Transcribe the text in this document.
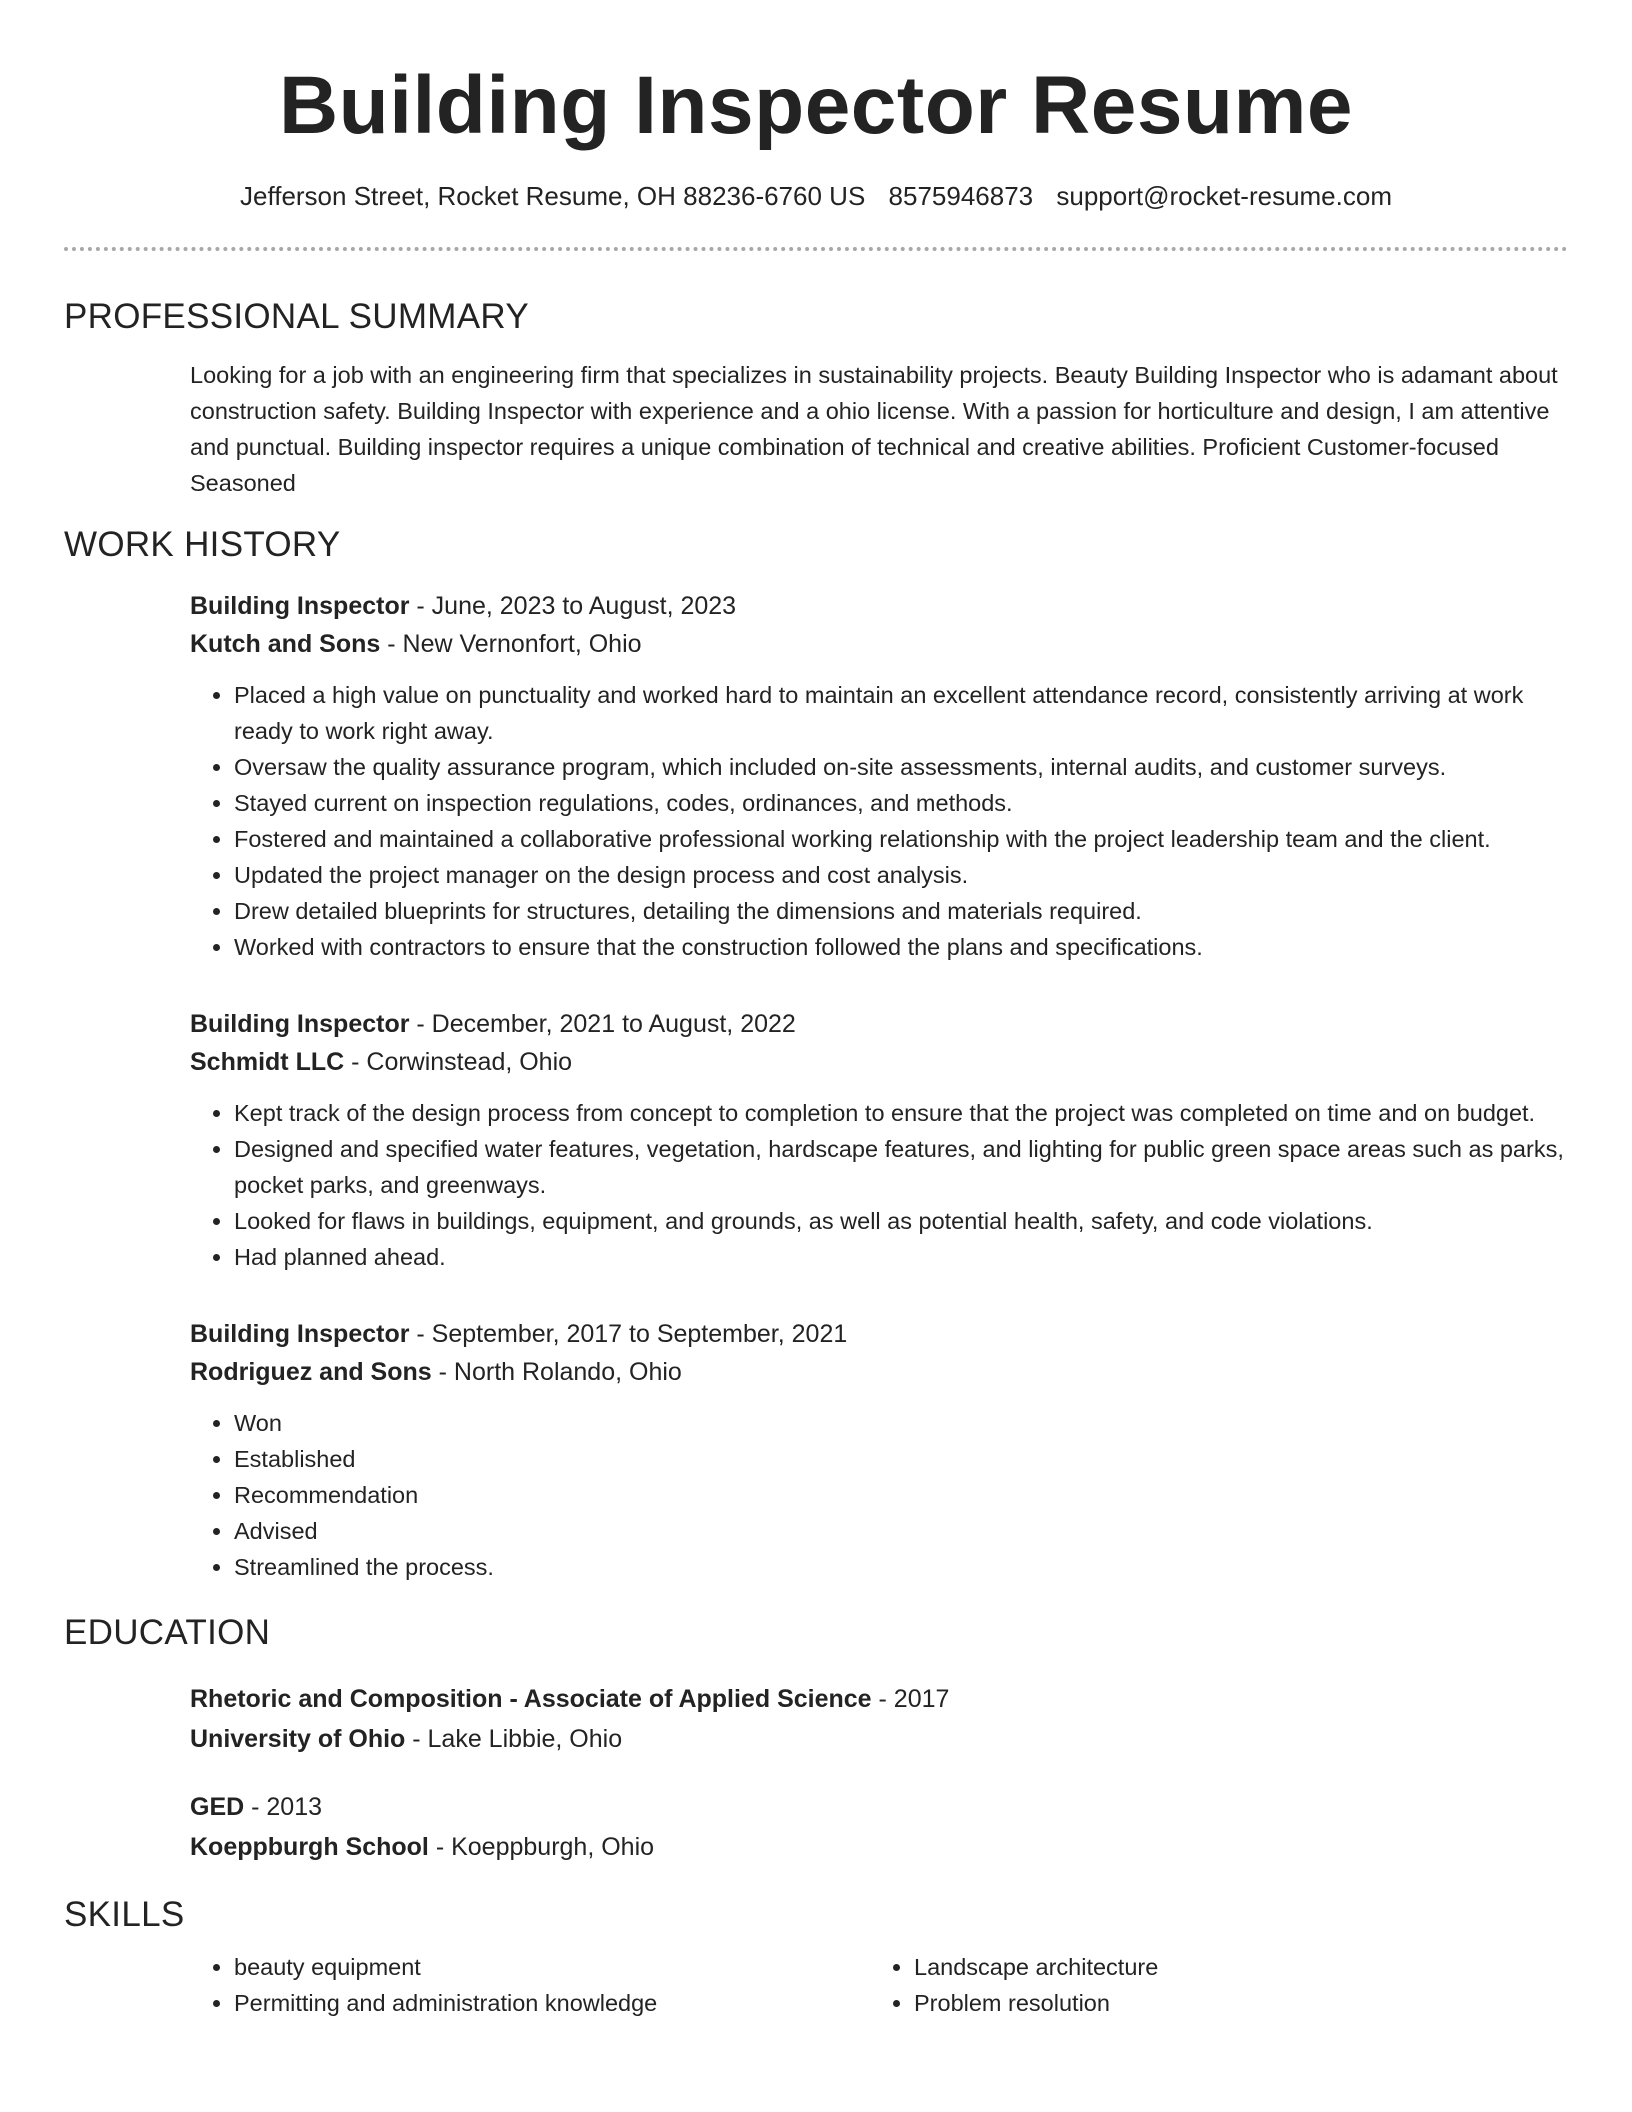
Building Inspector Resume
Jefferson Street, Rocket Resume, OH 88236-6760 US 8575946873 support@rocket-resume.com
PROFESSIONAL SUMMARY
Looking for a job with an engineering firm that specializes in sustainability projects. Beauty Building Inspector who is adamant about construction safety. Building Inspector with experience and a ohio license. With a passion for horticulture and design, I am attentive and punctual. Building inspector requires a unique combination of technical and creative abilities. Proficient Customer-focused Seasoned
WORK HISTORY
Building Inspector - June, 2023 to August, 2023
Kutch and Sons - New Vernonfort, Ohio
• Placed a high value on punctuality and worked hard to maintain an excellent attendance record, consistently arriving at work ready to work right away.
• Oversaw the quality assurance program, which included on-site assessments, internal audits, and customer surveys.
• Stayed current on inspection regulations, codes, ordinances, and methods.
• Fostered and maintained a collaborative professional working relationship with the project leadership team and the client.
• Updated the project manager on the design process and cost analysis.
• Drew detailed blueprints for structures, detailing the dimensions and materials required.
• Worked with contractors to ensure that the construction followed the plans and specifications.
Building Inspector - December, 2021 to August, 2022
Schmidt LLC - Corwinstead, Ohio
• Kept track of the design process from concept to completion to ensure that the project was completed on time and on budget.
• Designed and specified water features, vegetation, hardscape features, and lighting for public green space areas such as parks, pocket parks, and greenways.
• Looked for flaws in buildings, equipment, and grounds, as well as potential health, safety, and code violations.
• Had planned ahead.
Building Inspector - September, 2017 to September, 2021
Rodriguez and Sons - North Rolando, Ohio
• Won
• Established
• Recommendation
• Advised
• Streamlined the process.
EDUCATION
Rhetoric and Composition - Associate of Applied Science - 2017
University of Ohio - Lake Libbie, Ohio
GED - 2013
Koeppburgh School - Koeppburgh, Ohio
SKILLS
• beauty equipment
• Permitting and administration knowledge
• Landscape architecture
• Problem resolution
